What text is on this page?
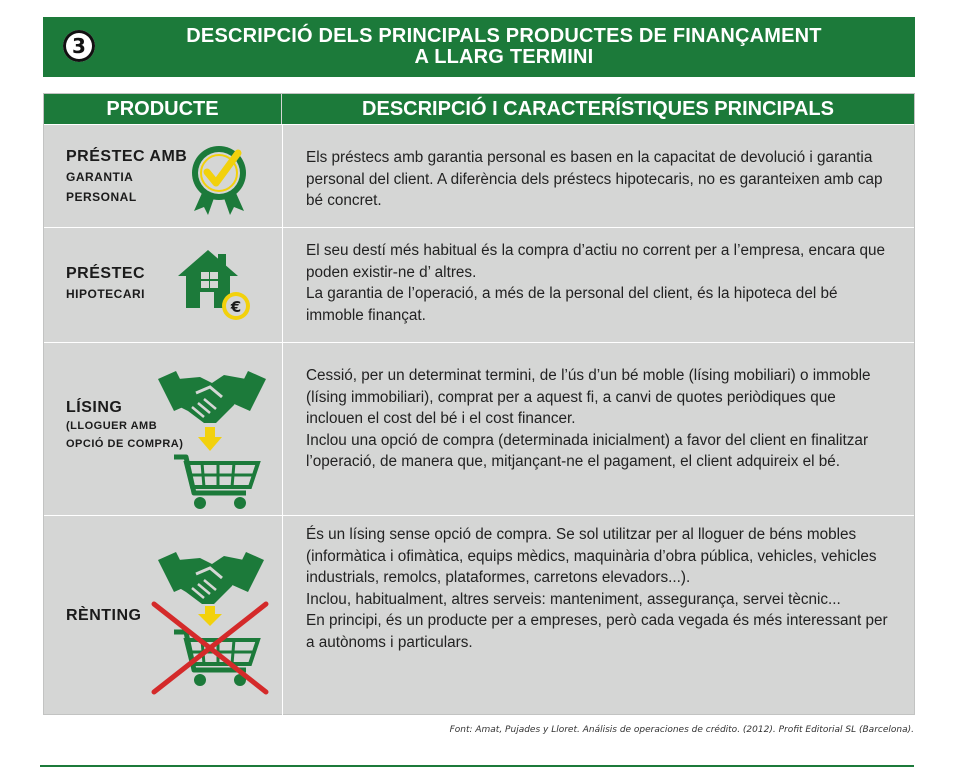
3	DESCRIPCIÓ DELS PRINCIPALS PRODUCTES DE FINANÇAMENT
A LLARG TERMINI
PRODUCTE	DESCRIPCIÓ I CARACTERÍSTIQUES PRINCIPALS
PRÉSTEC AMB
GARANTIA
PERSONAL

Els préstecs amb garantia personal es basen en la capacitat de devolució i garantia personal del client. A diferència dels préstecs hipotecaris, no es garanteixen amb cap bé concret.

PRÉSTEC
HIPOTECARI
€

El seu destí més habitual és la compra d’actiu no corrent per a l’empresa, encara que poden existir-ne d’ altres.

La garantia de l’operació, a més de la personal del client, és la hipoteca del bé immoble finançat.

LÍSING
(LLOGUER AMB
OPCIÓ DE COMPRA)

Cessió, per un determinat termini, de l’ús d’un bé moble (lísing mobiliari) o immoble (lísing immobiliari), comprat per a aquest fi, a canvi de quotes periòdiques que inclouen el cost del bé i el cost financer.

Inclou una opció de compra (determinada inicialment) a favor del client en finalitzar l’operació, de manera que, mitjançant-ne el pagament, el client adquireix el bé.

RÈNTING

És un lísing sense opció de compra. Se sol utilitzar per al lloguer de béns mobles (informàtica i ofimàtica, equips mèdics, maquinària d’obra pública, vehicles, vehicles industrials, remolcs, plataformes, carretons elevadors...).

Inclou, habitualment, altres serveis: manteniment, assegurança, servei tècnic...

En principi, és un producte per a empreses, però cada vegada és més interessant per a autònoms i particulars.

Font: Amat, Pujades y Lloret. Análisis de operaciones de crédito. (2012). Profit Editorial SL (Barcelona).
